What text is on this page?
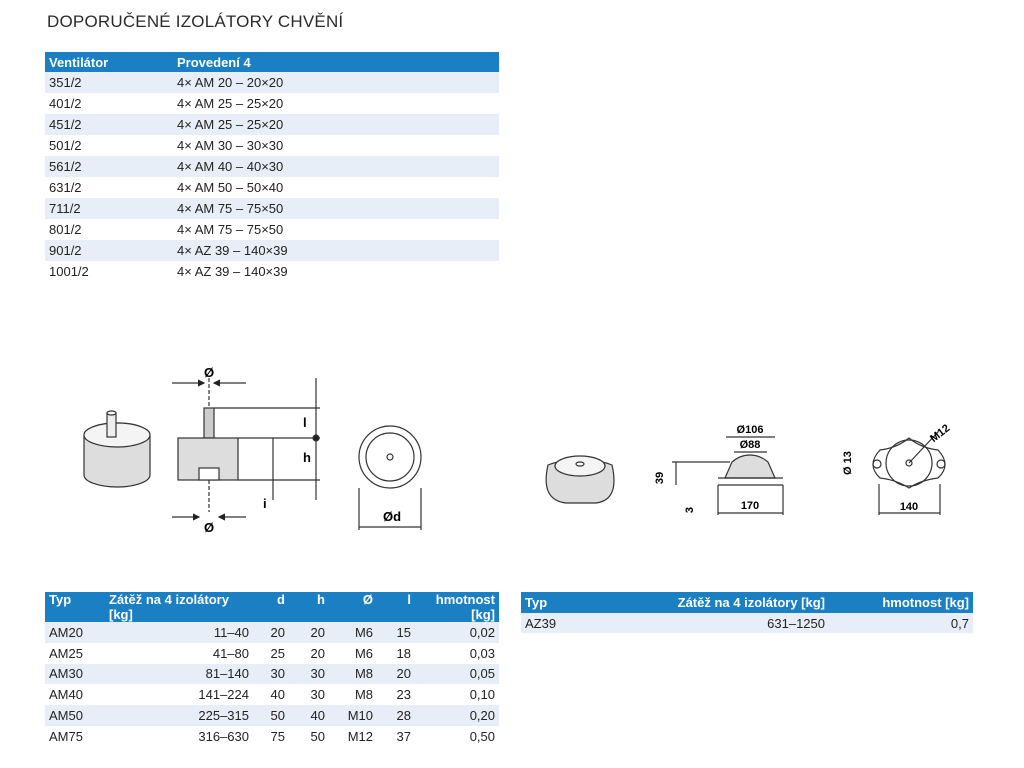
DOPORUČENÉ IZOLÁTORY CHVĚNÍ
Ventilátor	Provedení 4
351/2	4× AM 20 – 20×20
401/2	4× AM 25 – 25×20
451/2	4× AM 25 – 25×20
501/2	4× AM 30 – 30×30
561/2	4× AM 40 – 40×30
631/2	4× AM 50 – 50×40
711/2	4× AM 75 – 75×50
801/2	4× AM 75 – 75×50
901/2	4× AZ 39 – 140×39
1001/2	4× AZ 39 – 140×39
Ø
Ø
l
h
i
Ød
Ø106
Ø88
39
3	170
M12
Ø 13
140
Typ	Zátěž na 4 izolátory [kg]	d	h	Ø	l	hmotnost [kg]
AM20	11–40	20	20	M6	15	0,02
AM25	41–80	25	20	M6	18	0,03
AM30	81–140	30	30	M8	20	0,05
AM40	141–224	40	30	M8	23	0,10
AM50	225–315	50	40	M10	28	0,20
AM75	316–630	75	50	M12	37	0,50
Typ	Zátěž na 4 izolátory [kg]	hmotnost [kg]
AZ39	631–1250	0,7
